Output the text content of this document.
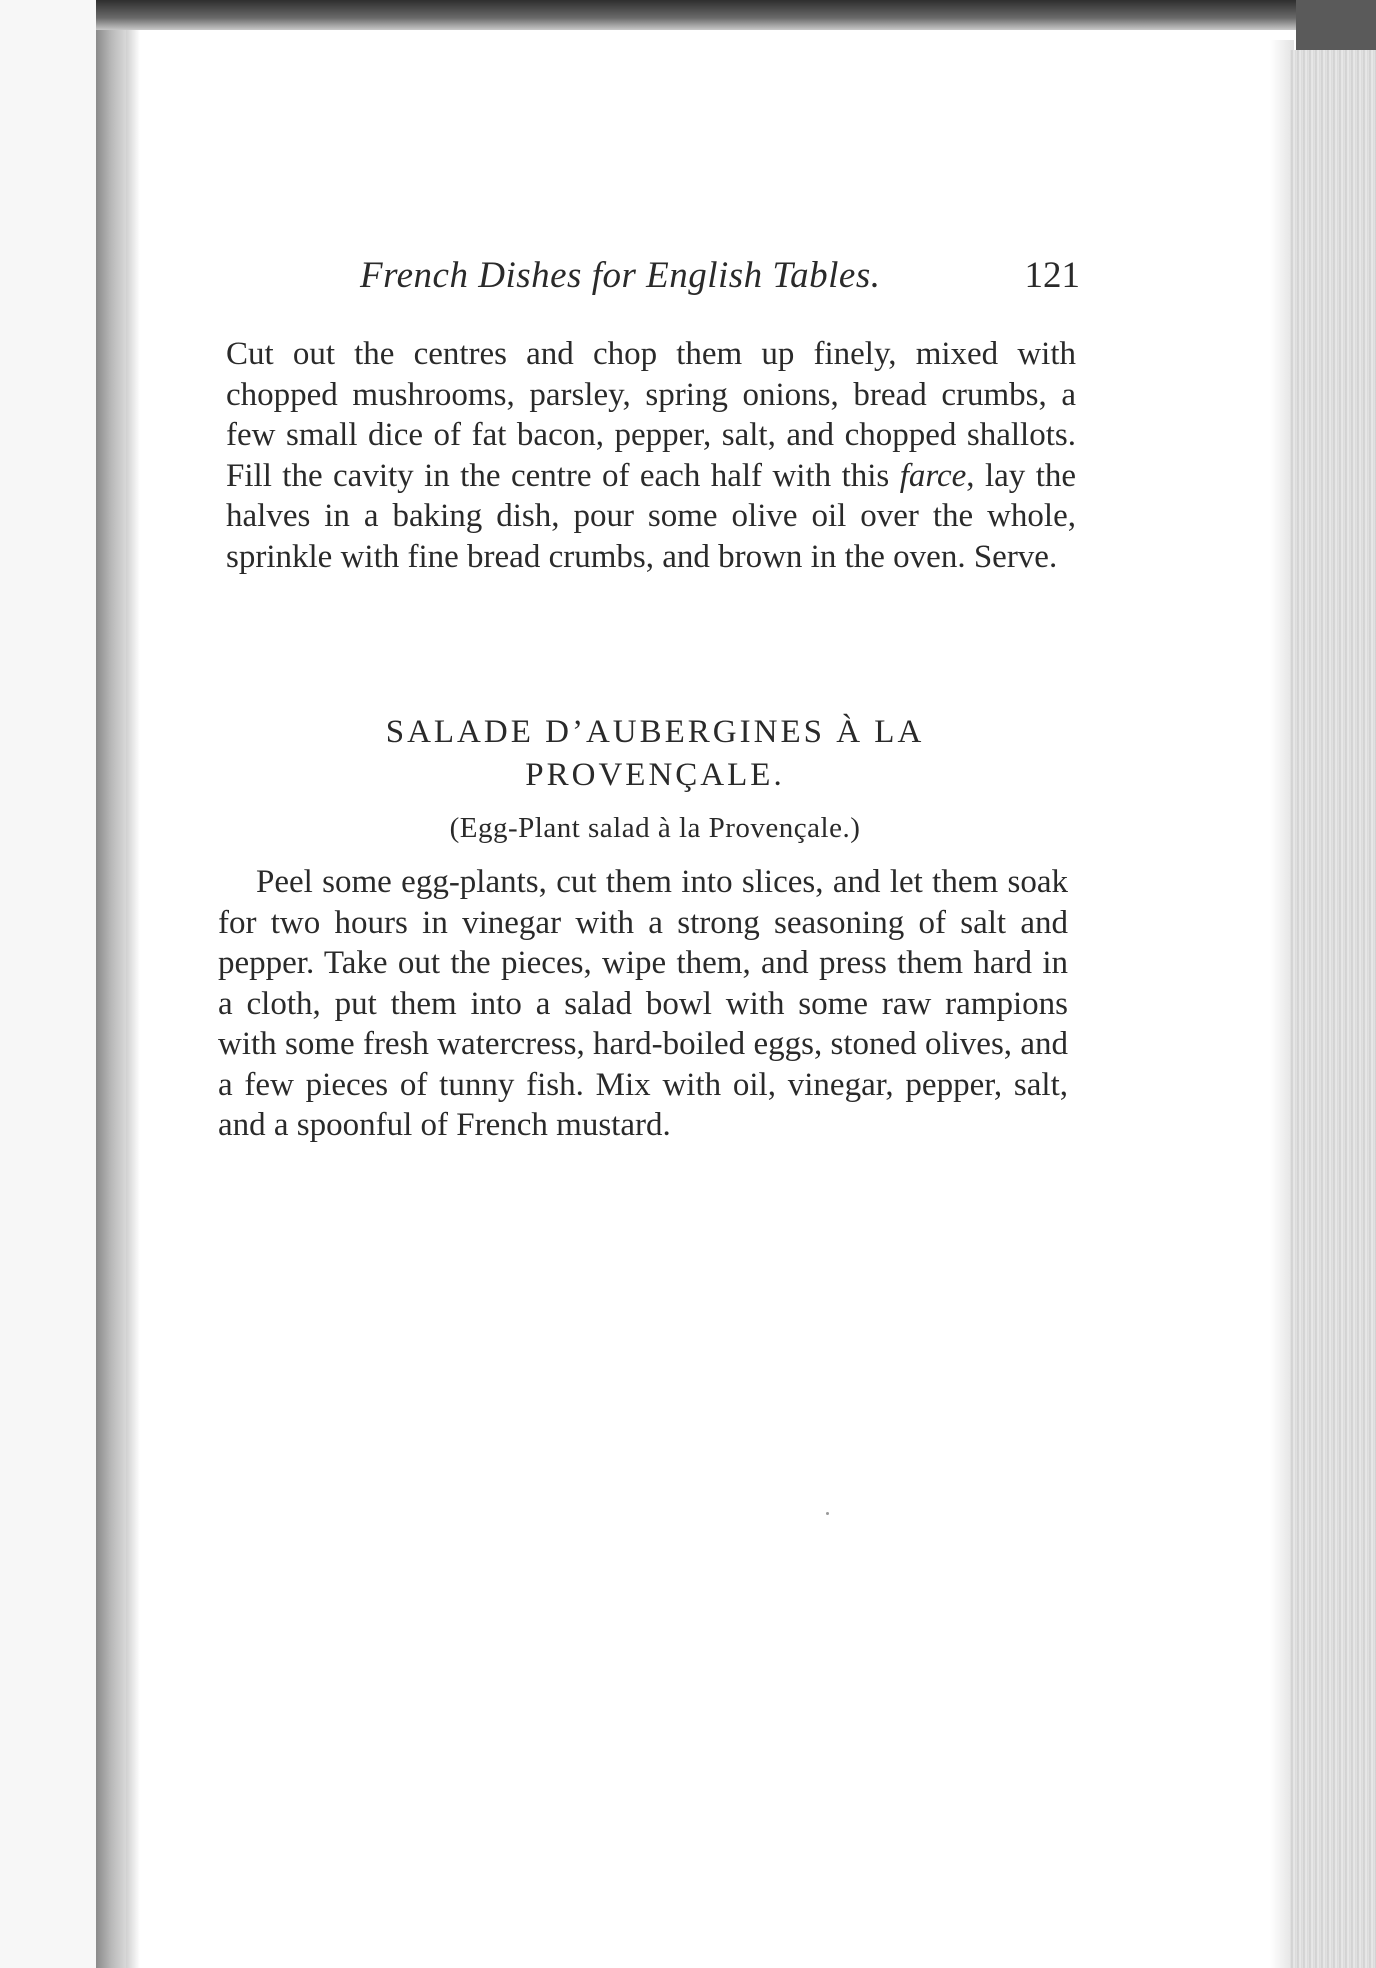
French Dishes for English Tables.	121
Cut out the centres and chop them up finely, mixed with chopped mushrooms, parsley, spring onions, bread crumbs, a few small dice of fat bacon, pepper, salt, and chopped shallots. Fill the cavity in the centre of each half with this farce, lay the halves in a baking dish, pour some olive oil over the whole, sprinkle with fine bread crumbs, and brown in the oven. Serve.
SALADE D’AUBERGINES À LA
PROVENÇALE.
(Egg-Plant salad à la Provençale.)
Peel some egg-plants, cut them into slices, and let them soak for two hours in vinegar with a strong seasoning of salt and pepper. Take out the pieces, wipe them, and press them hard in a cloth, put them into a salad bowl with some raw rampions with some fresh watercress, hard-boiled eggs, stoned olives, and a few pieces of tunny fish. Mix with oil, vinegar, pepper, salt, and a spoonful of French mustard.
